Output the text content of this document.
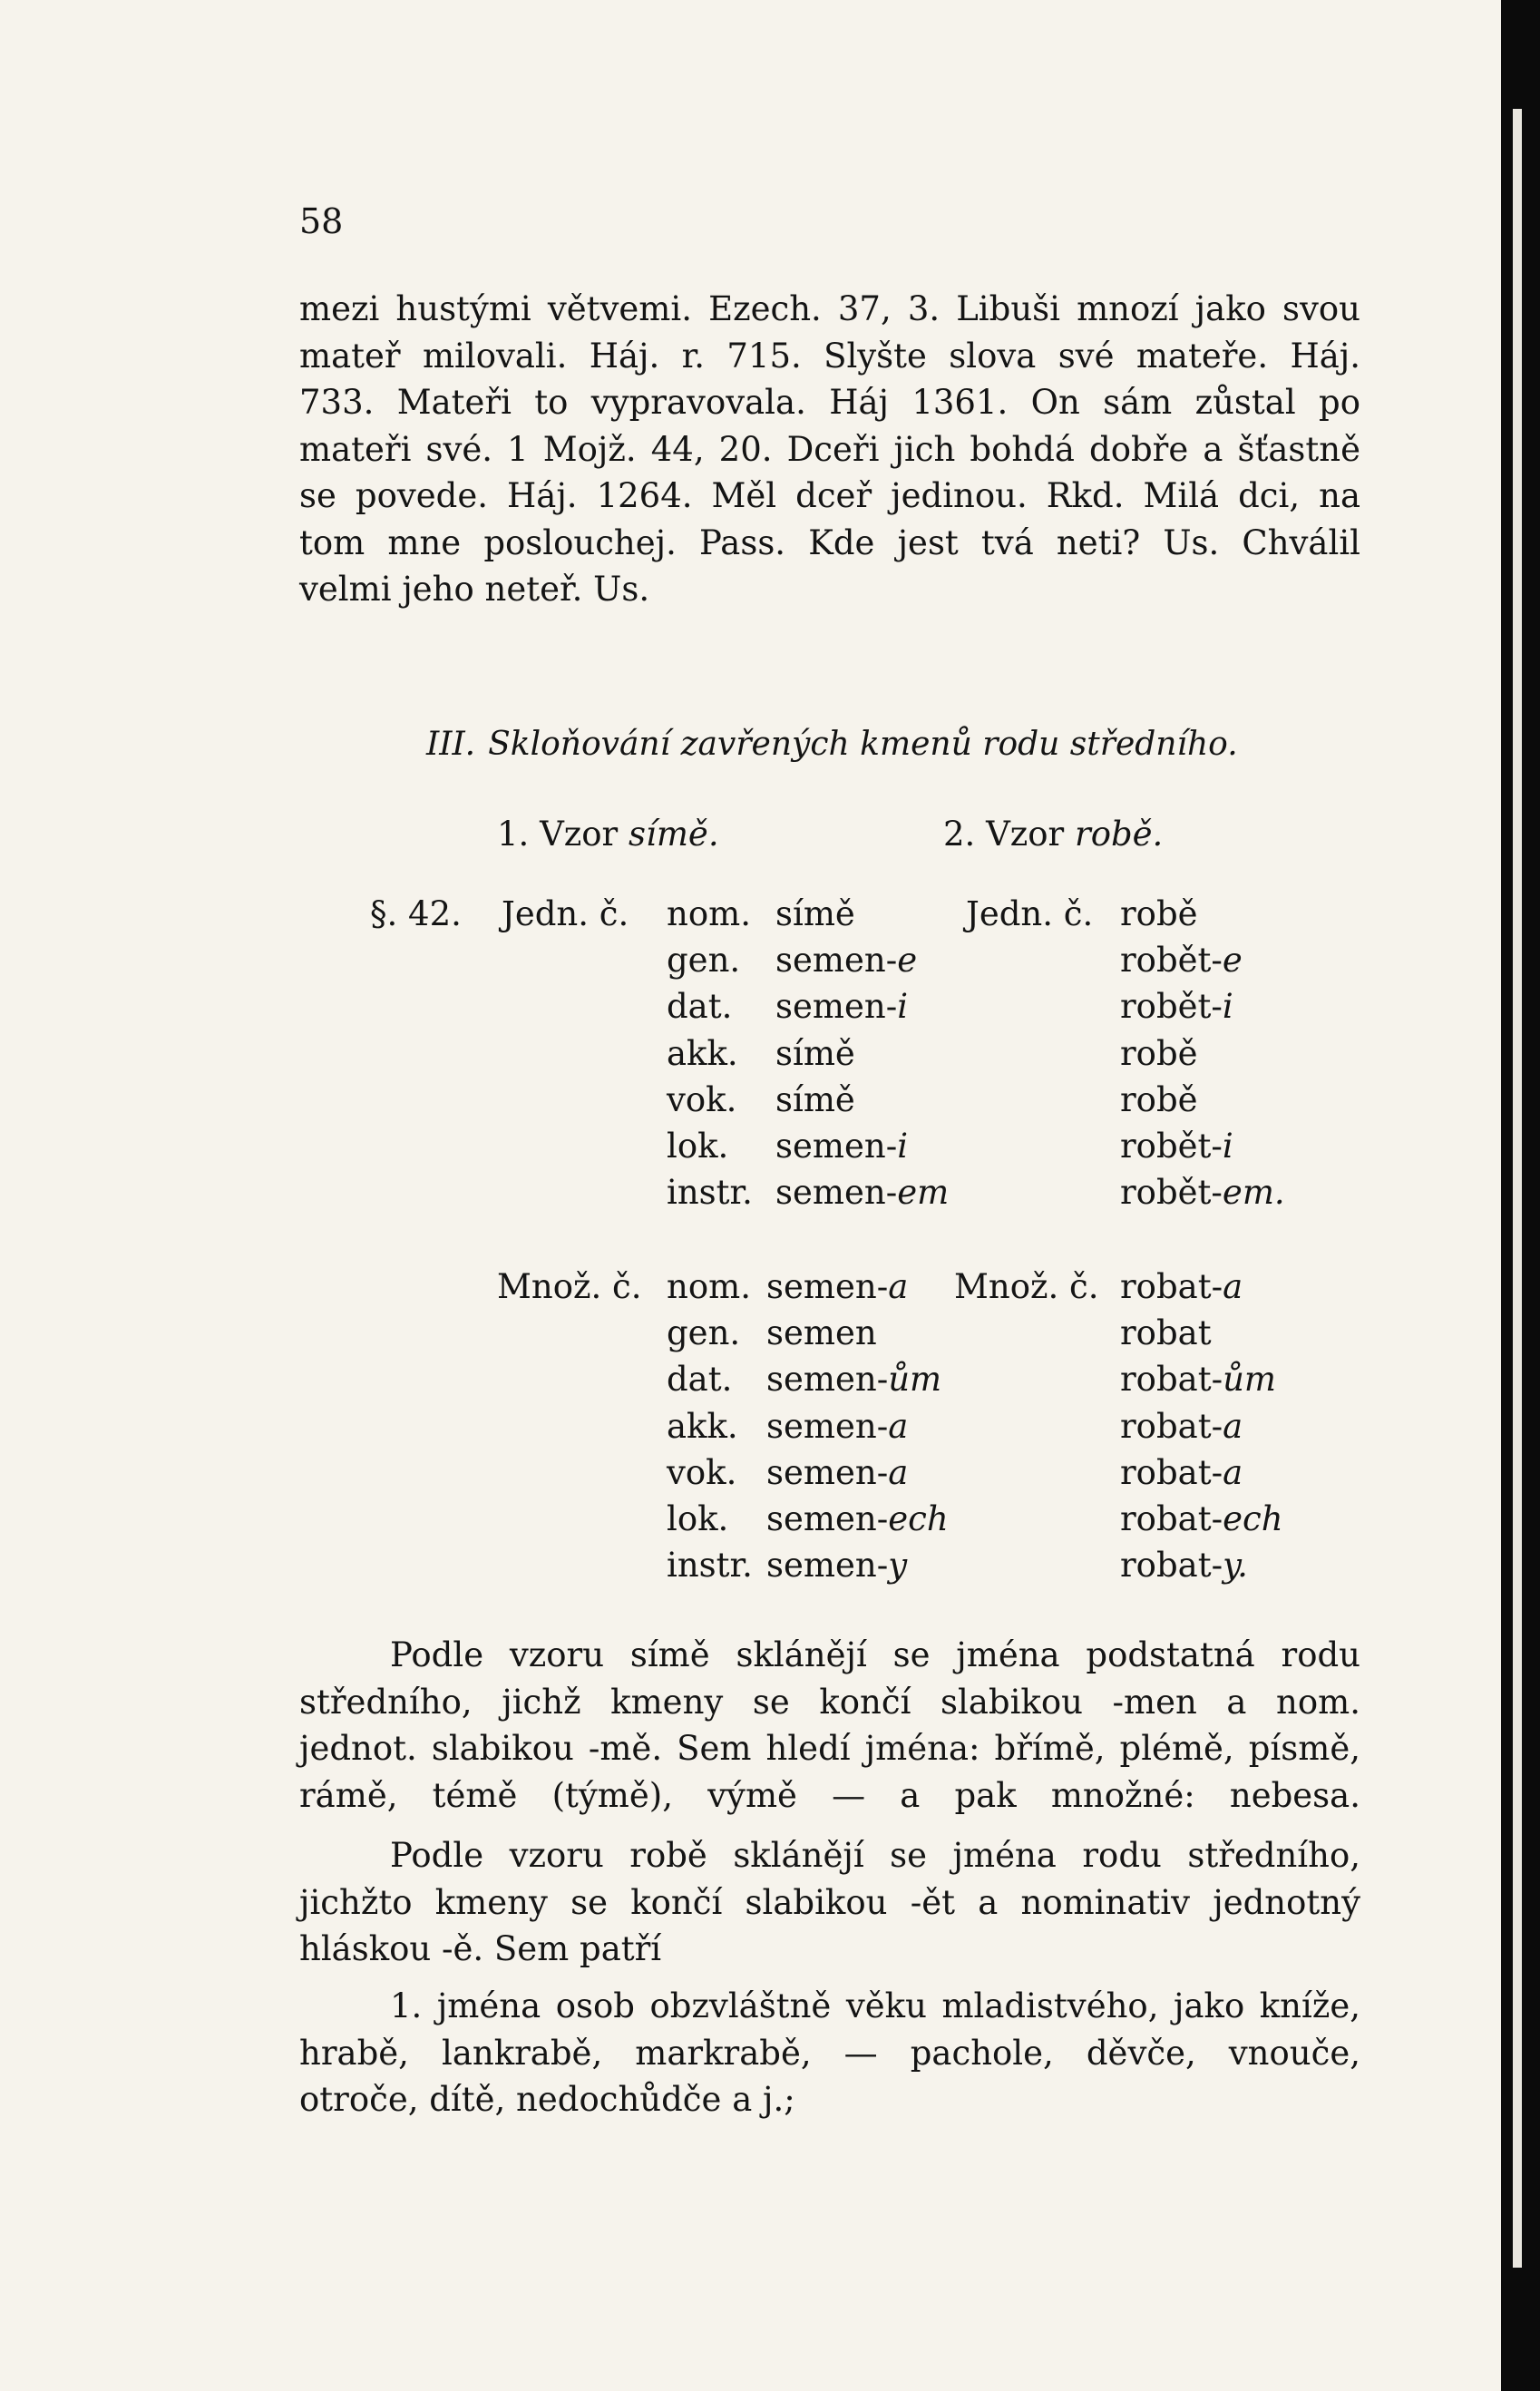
58
mezi hustými větvemi. Ezech. 37, 3. Libuši mnozí jako svou
mateř milovali. Háj. r. 715. Slyšte slova své mateře. Háj.
733. Mateři to vypravovala. Háj 1361. On sám zůstal po
mateři své. 1 Mojž. 44, 20. Dceři jich bohdá dobře a šťastně
se povede. Háj. 1264. Měl dceř jedinou. Rkd. Milá dci, na
tom mne poslouchej. Pass. Kde jest tvá neti? Us. Chválil
velmi jeho neteř. Us.
III. Skloňování zavřených kmenů rodu středního.
1. Vzor símě.	2. Vzor robě.
§. 42. Jedn. č. nom.
gen.
dat.
akk.
vok.
lok.
instr.
símě
semen-e
semen-i
símě
símě
semen-i
semen-em
Jedn. č. robě
robět-e
robět-i
robě
robě
robět-i
robět-em.
Množ. č. nom.
gen.
dat.
akk.
vok.
lok.
instr.
semen-a
semen
semen-ům
semen-a
semen-a
semen-ech
semen-y
Množ. č. robat-a
robat
robat-ům
robat-a
robat-a
robat-ech
robat-y.
Podle vzoru símě sklánějí se jména podstatná rodu
středního, jichž kmeny se končí slabikou -men a nom.
jednot. slabikou -mě. Sem hledí jména: břímě, plémě, písmě,
rámě, témě (týmě), výmě — a pak množné: nebesa.
Podle vzoru robě sklánějí se jména rodu středního,
jichžto kmeny se končí slabikou -ět a nominativ jednotný
hláskou -ě. Sem patří
1. jména osob obzvláštně věku mladistvého, jako kníže,
hrabě, lankrabě, markrabě, — pachole, děvče, vnouče,
otroče, dítě, nedochůdče a j.;
